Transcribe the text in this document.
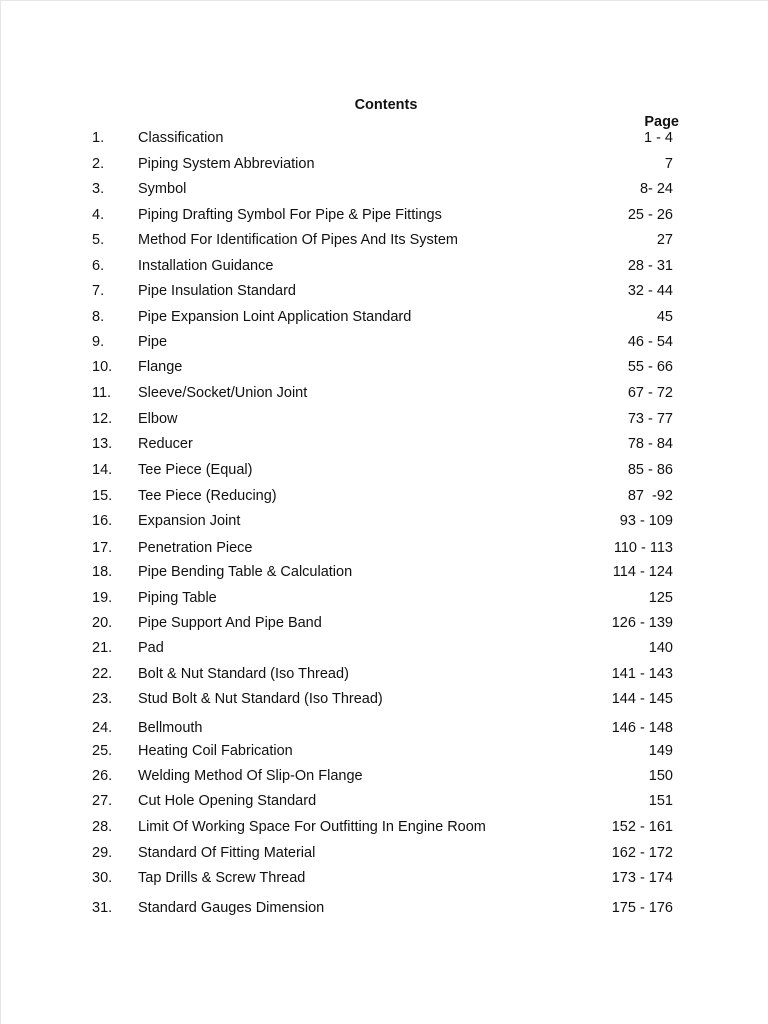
Contents
Page
1. Classification	1 - 4
2. Piping System Abbreviation	7
3. Symbol	8- 24
4. Piping Drafting Symbol For Pipe & Pipe Fittings	25 - 26
5. Method For Identification Of Pipes And Its System	27
6. Installation Guidance	28 - 31
7. Pipe Insulation Standard	32 - 44
8. Pipe Expansion Loint Application Standard	45
9. Pipe	46 - 54
10. Flange	55 - 66
11. Sleeve/Socket/Union Joint	67 - 72
12. Elbow	73 - 77
13. Reducer	78 - 84
14. Tee Piece (Equal)	85 - 86
15. Tee Piece (Reducing)	87  -92
16. Expansion Joint	93 - 109
17. Penetration Piece	110 - 113
18. Pipe Bending Table & Calculation	114 - 124
19. Piping Table	125
20. Pipe Support And Pipe Band	126 - 139
21. Pad	140
22. Bolt & Nut Standard (Iso Thread)	141 - 143
23. Stud Bolt & Nut Standard (Iso Thread)	144 - 145
24. Bellmouth	146 - 148
25. Heating Coil Fabrication	149
26. Welding Method Of Slip-On Flange	150
27. Cut Hole Opening Standard	151
28. Limit Of Working Space For Outfitting In Engine Room	152 - 161
29. Standard Of Fitting Material	162 - 172
30. Tap Drills & Screw Thread	173 - 174
31. Standard Gauges Dimension	175 - 176
